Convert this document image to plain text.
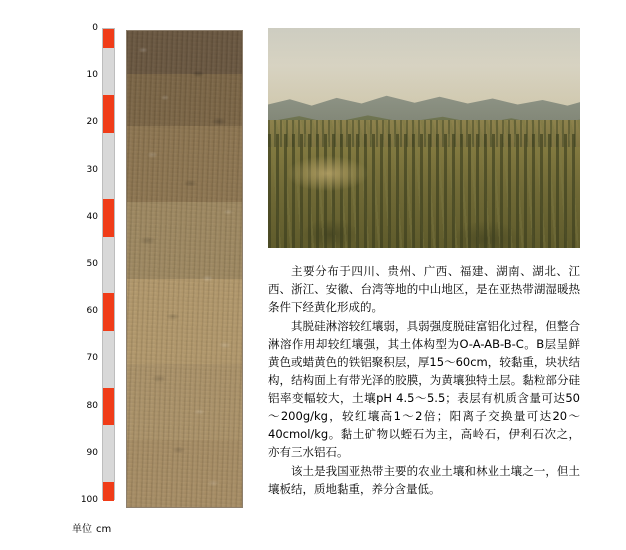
0
10
20
30
40
50
60
70
80
90
100
单位 cm

主要分布于四川、贵州、广西、福建、湖南、湖北、江西、浙江、安徽、台湾等地的中山地区，是在亚热带湖湿暖热条件下经黄化形成的。

其脱硅淋溶较红壤弱，具弱强度脱硅富铝化过程，但整合淋溶作用却较红壤强，其土体构型为O-A-AB-B-C。B层呈鲜黄色或蜡黄色的铁铝聚积层，厚15～60cm，较黏重，块状结构，结构面上有带光泽的胶膜，为黄壤独特土层。黏粒部分硅铝率变幅较大，土壤pH 4.5～5.5；表层有机质含量可达50～200g/kg，较红壤高1～2倍；阳离子交换量可达20～40cmol/kg。黏土矿物以蛭石为主，高岭石，伊利石次之，亦有三水铝石。

该土是我国亚热带主要的农业土壤和林业土壤之一，但土壤板结，质地黏重，养分含量低。
